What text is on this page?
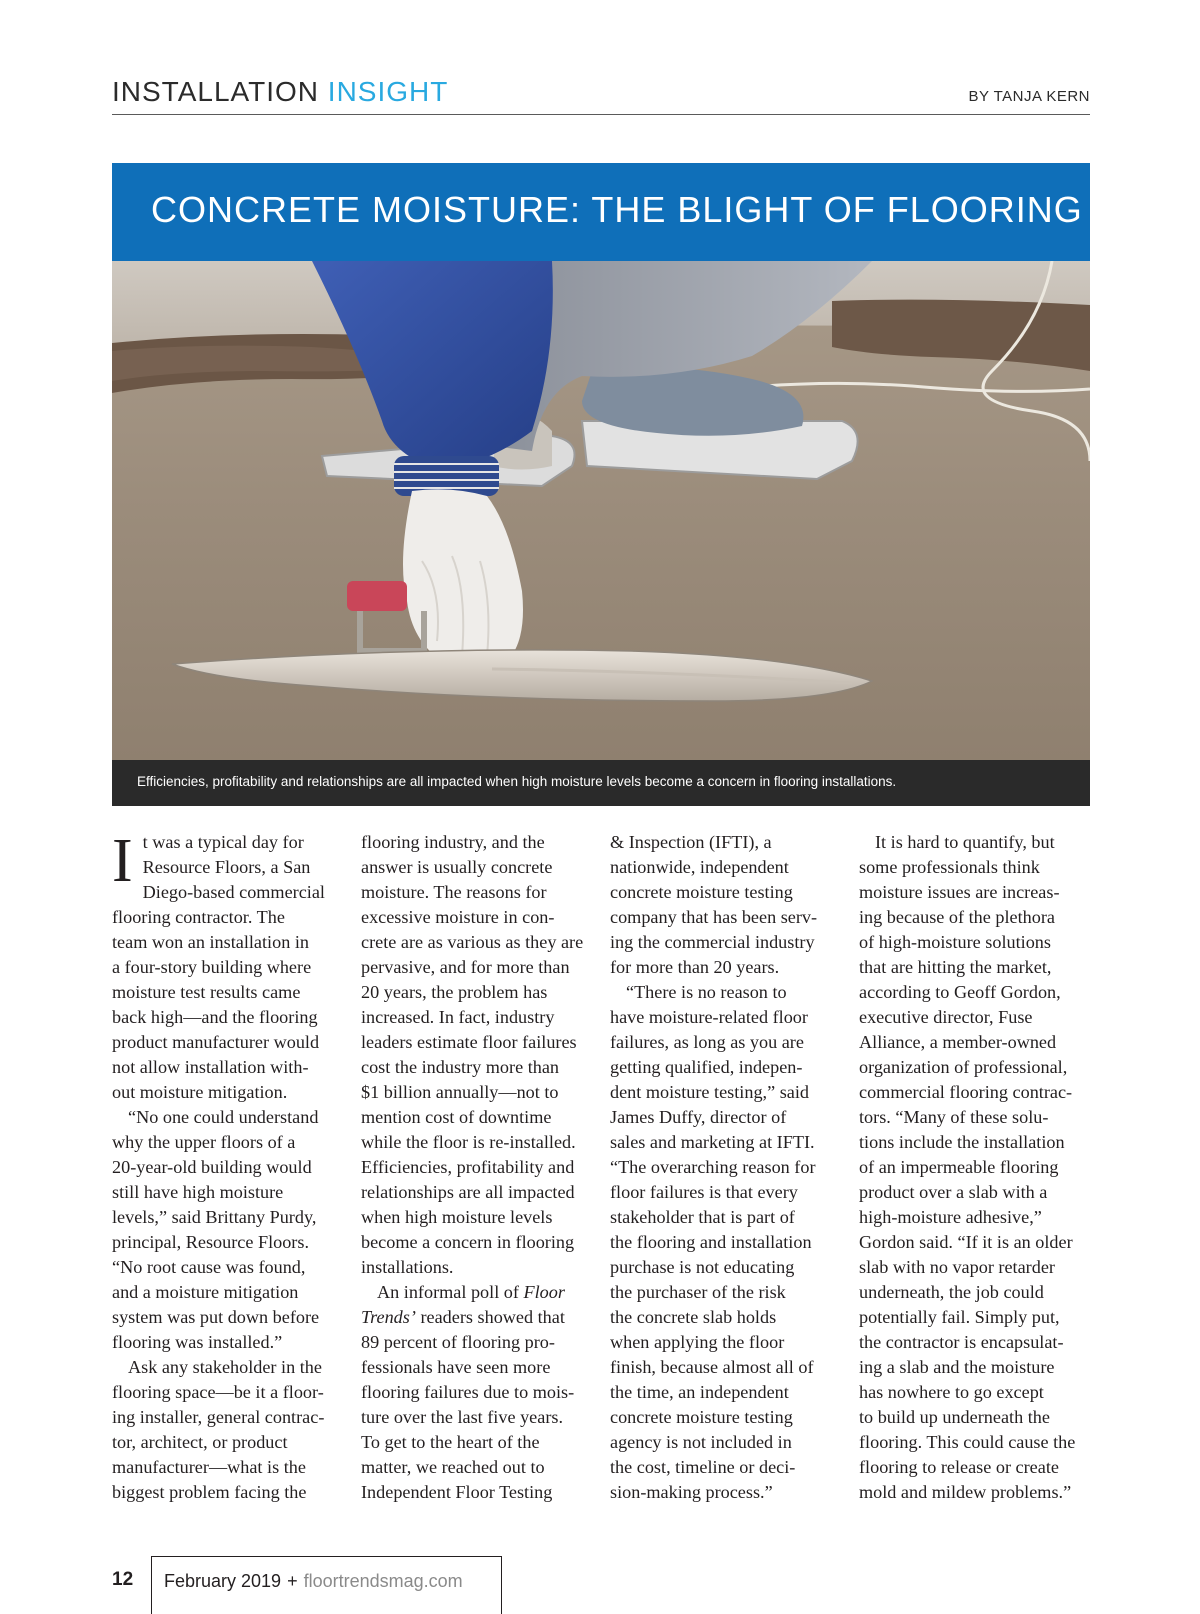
INSTALLATION INSIGHT	BY TANJA KERN
CONCRETE MOISTURE: THE BLIGHT OF FLOORING
Efficiencies, profitability and relationships are all impacted when high moisture levels become a concern in flooring installations.

I t was a typical day for
Resource Floors, a San
Diego-based commercial
flooring contractor. The
team won an installation in
a four-story building where
moisture test results came
back high—and the flooring
product manufacturer would
not allow installation with-
out moisture mitigation.

“No one could understand
why the upper floors of a
20-year-old building would
still have high moisture
levels,” said Brittany Purdy,
principal, Resource Floors.
“No root cause was found,
and a moisture mitigation
system was put down before
flooring was installed.”

Ask any stakeholder in the
flooring space—be it a floor-
ing installer, general contrac-
tor, architect, or product
manufacturer—what is the
biggest problem facing the

flooring industry, and the
answer is usually concrete
moisture. The reasons for
excessive moisture in con-
crete are as various as they are
pervasive, and for more than
20 years, the problem has
increased. In fact, industry
leaders estimate floor failures
cost the industry more than
$1 billion annually—not to
mention cost of downtime
while the floor is re-installed.
Efficiencies, profitability and
relationships are all impacted
when high moisture levels
become a concern in flooring
installations.

An informal poll of Floor
Trends’ readers showed that
89 percent of flooring pro-
fessionals have seen more
flooring failures due to mois-
ture over the last five years.
To get to the heart of the
matter, we reached out to
Independent Floor Testing

& Inspection (IFTI), a
nationwide, independent
concrete moisture testing
company that has been serv-
ing the commercial industry
for more than 20 years.

“There is no reason to
have moisture-related floor
failures, as long as you are
getting qualified, indepen-
dent moisture testing,” said
James Duffy, director of
sales and marketing at IFTI.
“The overarching reason for
floor failures is that every
stakeholder that is part of
the flooring and installation
purchase is not educating
the purchaser of the risk
the concrete slab holds
when applying the floor
finish, because almost all of
the time, an independent
concrete moisture testing
agency is not included in
the cost, timeline or deci-
sion-making process.”

It is hard to quantify, but
some professionals think
moisture issues are increas-
ing because of the plethora
of high-moisture solutions
that are hitting the market,
according to Geoff Gordon,
executive director, Fuse
Alliance, a member-owned
organization of professional,
commercial flooring contrac-
tors. “Many of these solu-
tions include the installation
of an impermeable flooring
product over a slab with a
high-moisture adhesive,”
Gordon said. “If it is an older
slab with no vapor retarder
underneath, the job could
potentially fail. Simply put,
the contractor is encapsulat-
ing a slab and the moisture
has nowhere to go except
to build up underneath the
flooring. This could cause the
flooring to release or create
mold and mildew problems.”

12 February 2019 + floortrendsmag.com
